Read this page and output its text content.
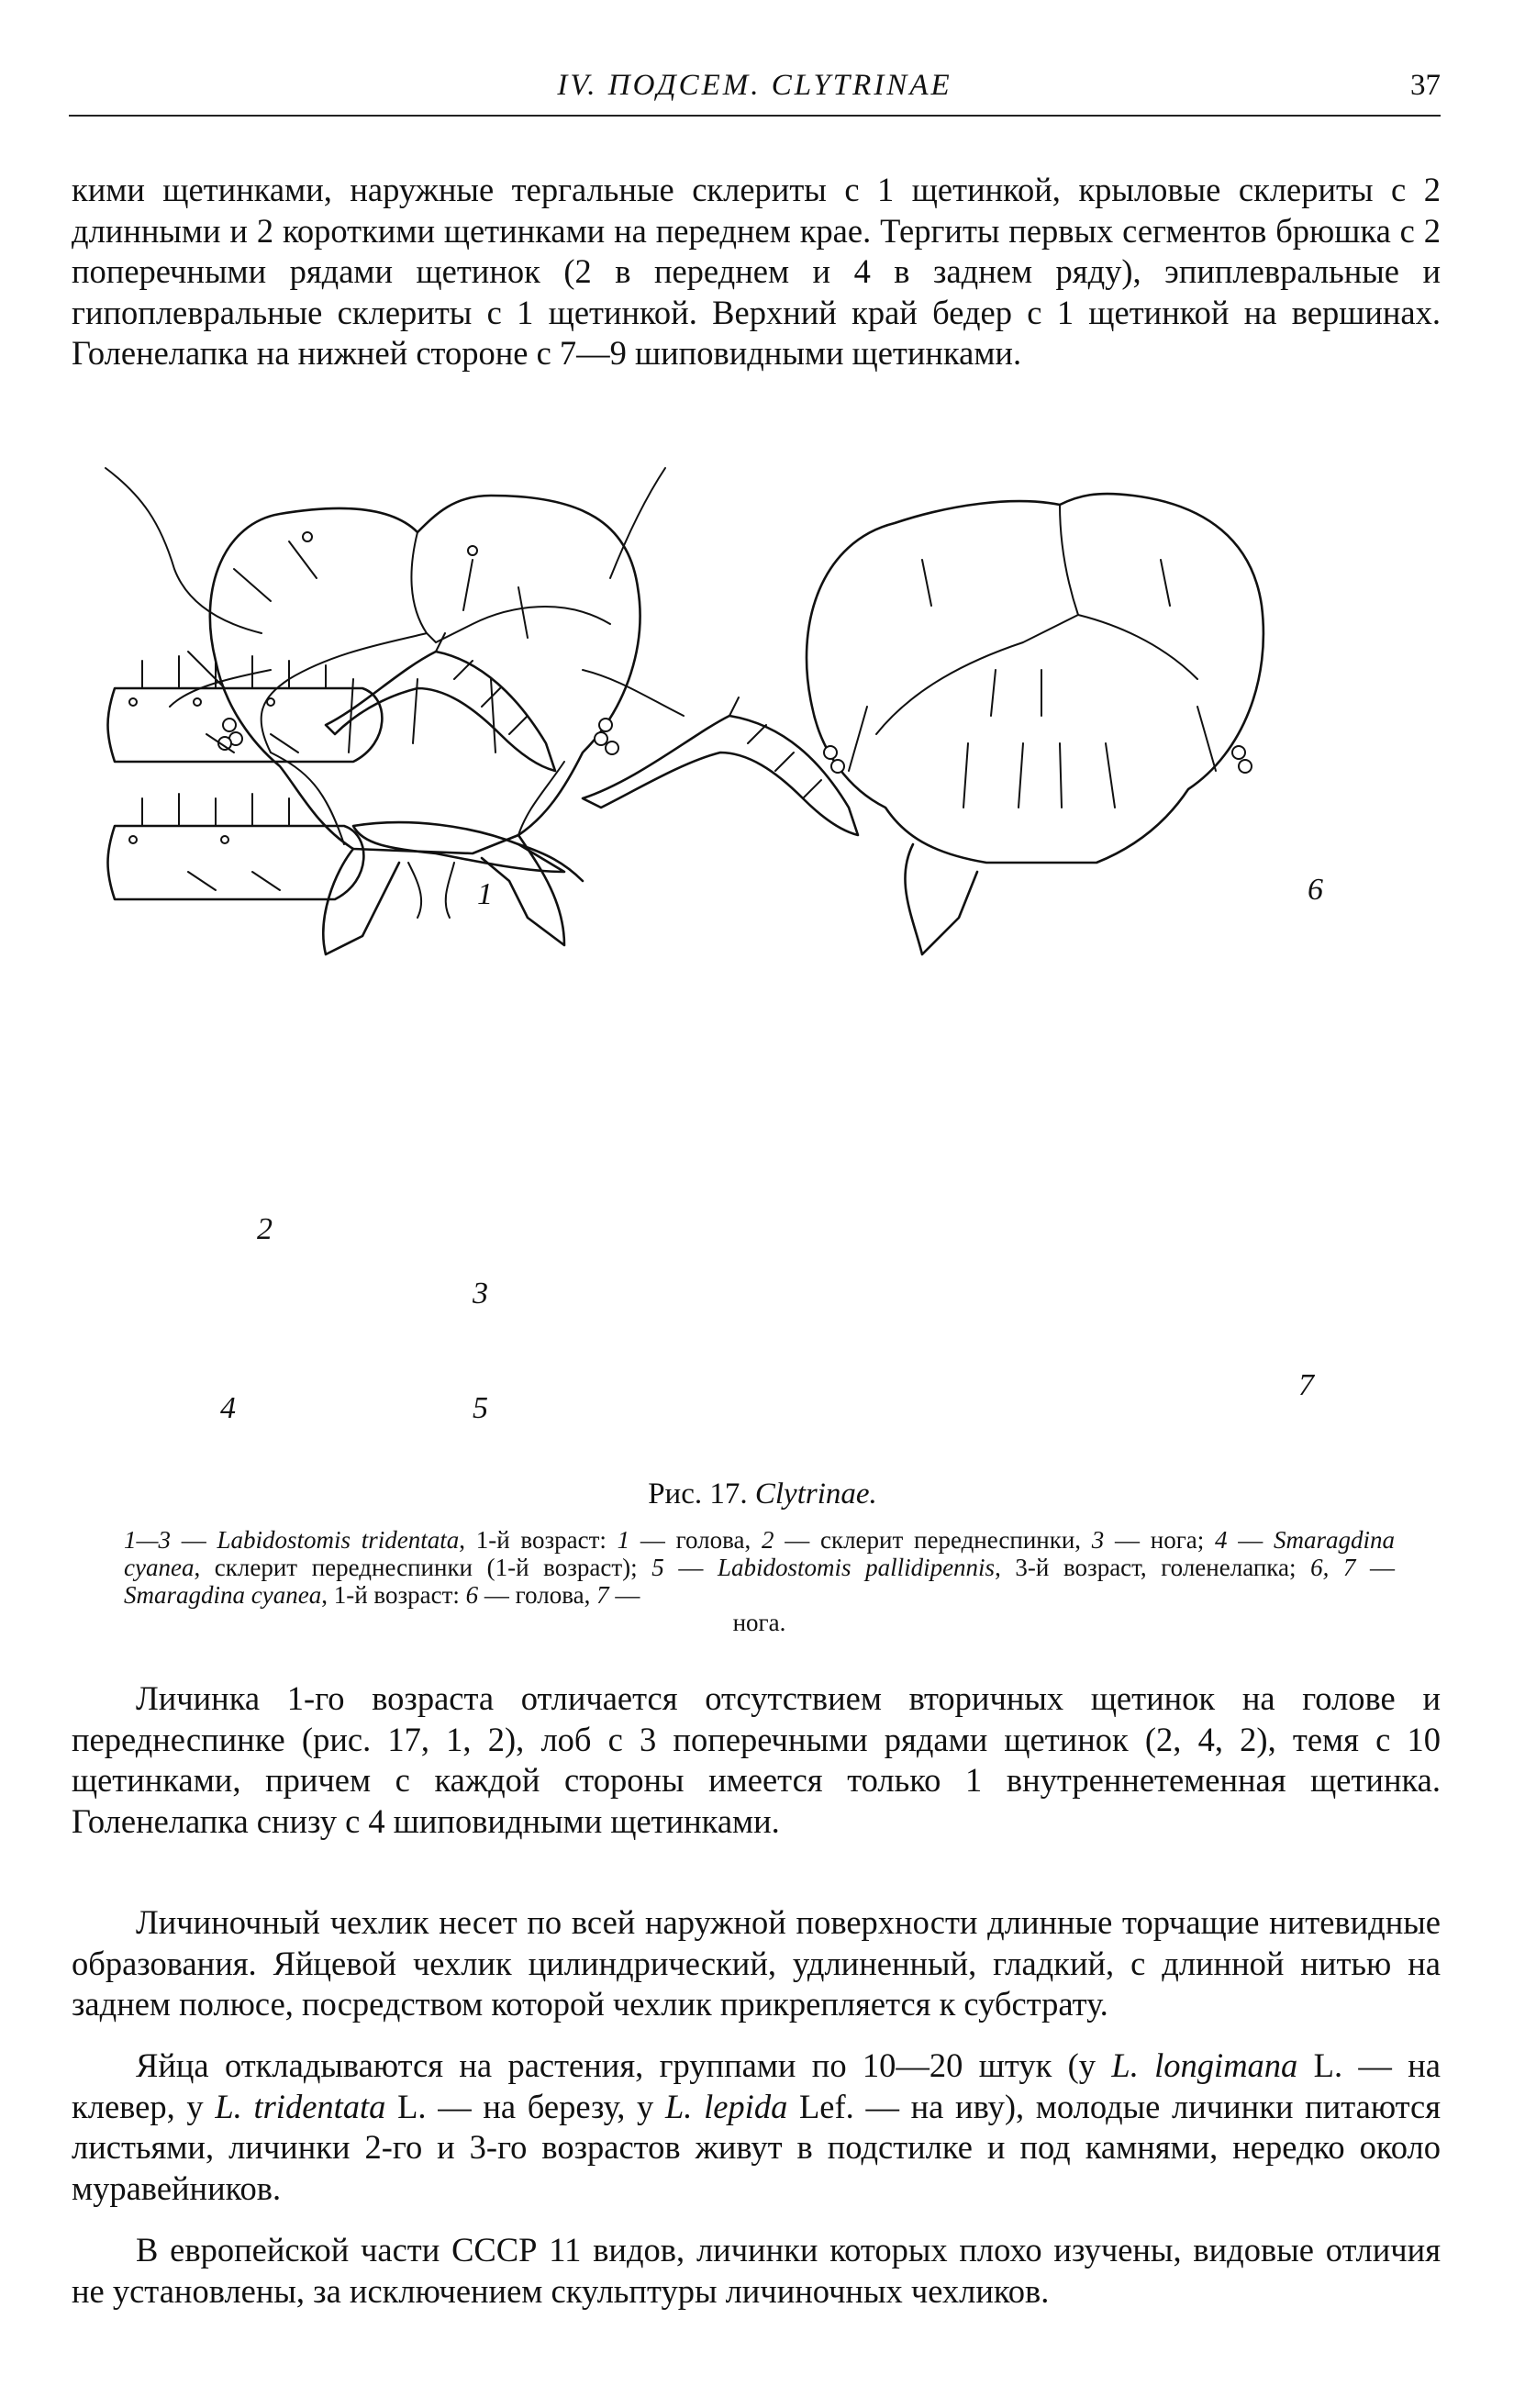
IV. ПОДСЕМ. CLYTRINAE	37

кими щетинками, наружные тергальные склериты с 1 щетинкой, крыловые склериты с 2 длинными и 2 короткими щетинками на переднем крае. Тергиты первых сегментов брюшка с 2 поперечными рядами щетинок (2 в переднем и 4 в заднем ряду), эпиплевральные и гипоплевральные склериты с 1 щетинкой. Верхний край бедер с 1 щетинкой на вершинах. Голенелапка на нижней стороне с 7—9 шиповидными щетинками.

1
2
3
4	5
6
7
Рис. 17. Clytrinae.

1—3 — Labidostomis tridentata, 1-й возраст: 1 — голова, 2 — склерит переднеспинки, 3 — нога; 4 — Smaragdina cyanea, склерит переднеспинки (1-й возраст); 5 — Labidostomis pallidipennis, 3-й возраст, голенелапка; 6, 7 — Smaragdina cyanea, 1-й возраст: 6 — голова, 7 —
нога.

Личинка 1-го возраста отличается отсутствием вторичных щетинок на голове и переднеспинке (рис. 17, 1, 2), лоб с 3 поперечными рядами щетинок (2, 4, 2), темя с 10 щетинками, причем с каждой стороны имеется только 1 внутреннетеменная щетинка. Голенелапка снизу с 4 шиповидными щетинками.

Личиночный чехлик несет по всей наружной поверхности длинные торчащие нитевидные образования. Яйцевой чехлик цилиндрический, удлиненный, гладкий, с длинной нитью на заднем полюсе, посредством которой чехлик прикрепляется к субстрату.

Яйца откладываются на растения, группами по 10—20 штук (у L. longimana L. — на клевер, у L. tridentata L. — на березу, у L. lepida Lef. — на иву), молодые личинки питаются листьями, личинки 2-го и 3-го возрастов живут в подстилке и под камнями, нередко около муравейников.

В европейской части СССР 11 видов, личинки которых плохо изучены, видовые отличия не установлены, за исключением скульптуры личиночных чехликов.
